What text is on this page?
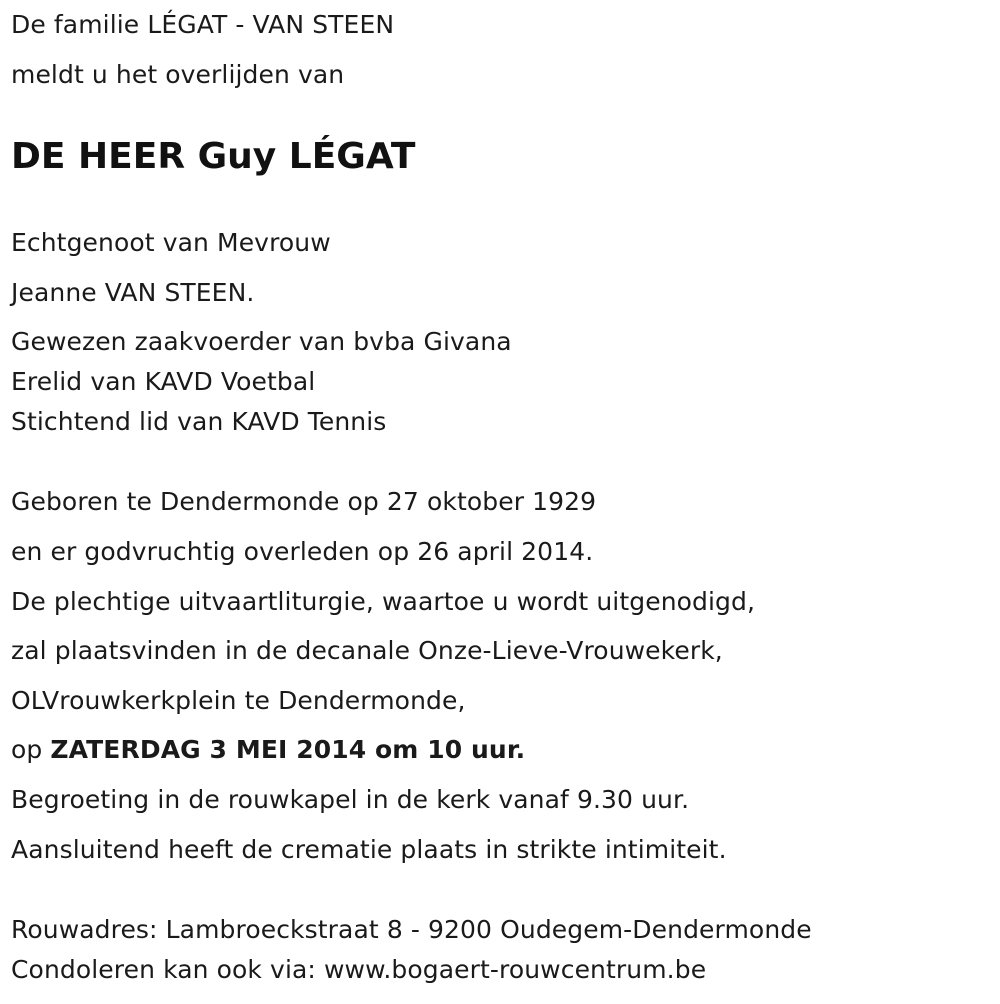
De familie LÉGAT - VAN STEEN
meldt u het overlijden van
DE HEER Guy LÉGAT
Echtgenoot van Mevrouw
Jeanne VAN STEEN.
Gewezen zaakvoerder van bvba Givana
Erelid van KAVD Voetbal
Stichtend lid van KAVD Tennis
Geboren te Dendermonde op 27 oktober 1929
en er godvruchtig overleden op 26 april 2014.
De plechtige uitvaartliturgie, waartoe u wordt uitgenodigd,
zal plaatsvinden in de decanale Onze-Lieve-Vrouwekerk,
OLVrouwkerkplein te Dendermonde,
op ZATERDAG 3 MEI 2014 om 10 uur.
Begroeting in de rouwkapel in de kerk vanaf 9.30 uur.
Aansluitend heeft de crematie plaats in strikte intimiteit.
Rouwadres: Lambroeckstraat 8 - 9200 Oudegem-Dendermonde
Condoleren kan ook via: www.bogaert-rouwcentrum.be
